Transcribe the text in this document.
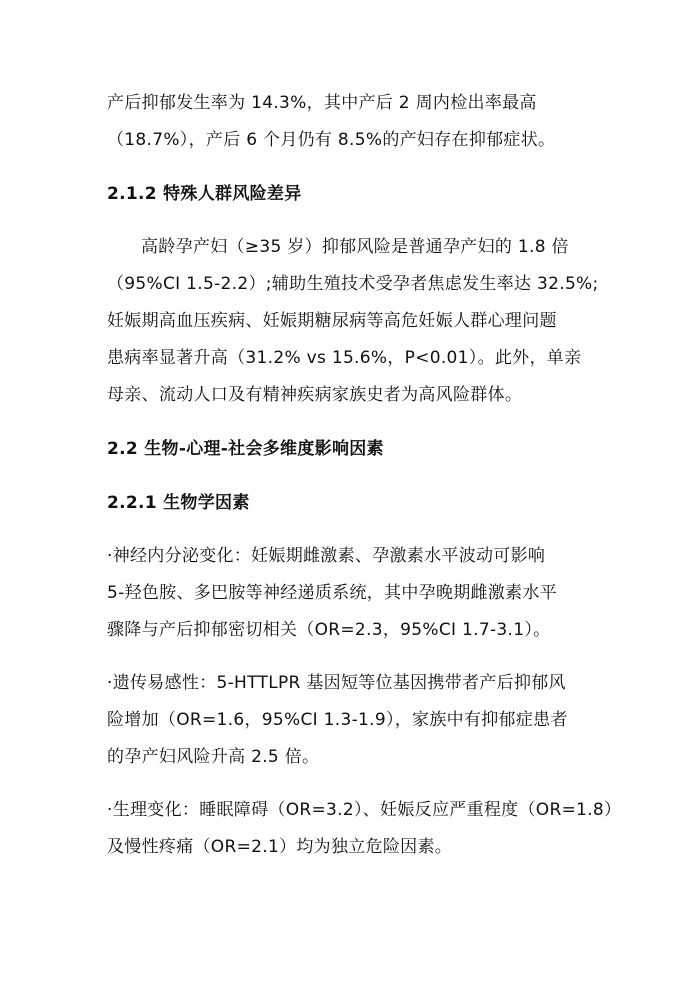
产后抑郁发生率为 14.3%，其中产后 2 周内检出率最高
（18.7%），产后 6 个月仍有 8.5%的产妇存在抑郁症状。
2.1.2 特殊人群风险差异
高龄孕产妇（≥35 岁）抑郁风险是普通孕产妇的 1.8 倍
（95%CI 1.5-2.2）;辅助生殖技术受孕者焦虑发生率达 32.5%;
妊娠期高血压疾病、妊娠期糖尿病等高危妊娠人群心理问题
患病率显著升高（31.2% vs 15.6%，P<0.01）。此外，单亲
母亲、流动人口及有精神疾病家族史者为高风险群体。
2.2 生物-心理-社会多维度影响因素
2.2.1 生物学因素
·神经内分泌变化：妊娠期雌激素、孕激素水平波动可影响
5-羟色胺、多巴胺等神经递质系统，其中孕晚期雌激素水平
骤降与产后抑郁密切相关（OR=2.3，95%CI 1.7-3.1）。
·遗传易感性：5-HTTLPR 基因短等位基因携带者产后抑郁风
险增加（OR=1.6，95%CI 1.3-1.9），家族中有抑郁症患者
的孕产妇风险升高 2.5 倍。
·生理变化：睡眠障碍（OR=3.2）、妊娠反应严重程度（OR=1.8）
及慢性疼痛（OR=2.1）均为独立危险因素。
